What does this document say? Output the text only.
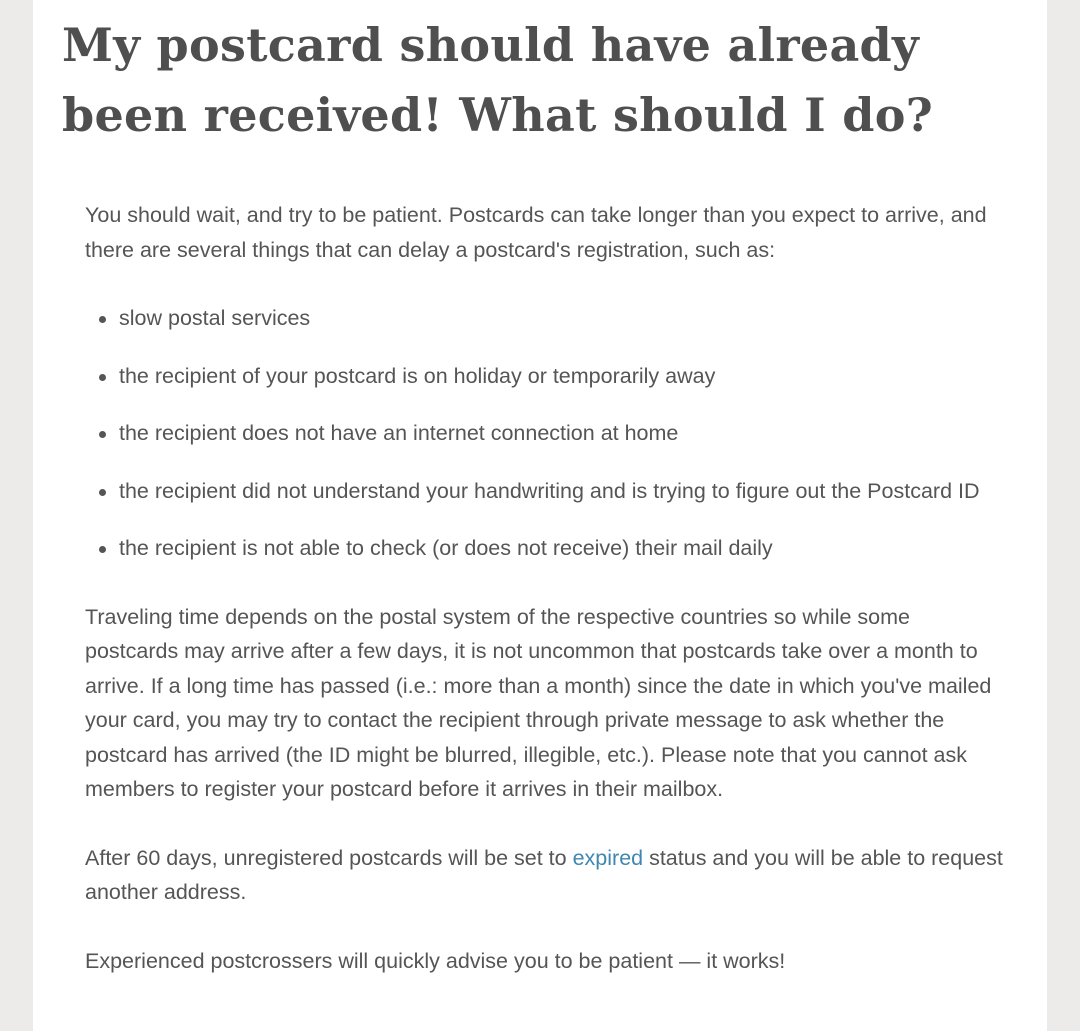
My postcard should have already been received! What should I do?

You should wait, and try to be patient. Postcards can take longer than you expect to arrive, and there are several things that can delay a postcard's registration, such as:

slow postal services
the recipient of your postcard is on holiday or temporarily away
the recipient does not have an internet connection at home
the recipient did not understand your handwriting and is trying to figure out the Postcard ID
the recipient is not able to check (or does not receive) their mail daily

Traveling time depends on the postal system of the respective countries so while some postcards may arrive after a few days, it is not uncommon that postcards take over a month to arrive. If a long time has passed (i.e.: more than a month) since the date in which you've mailed your card, you may try to contact the recipient through private message to ask whether the postcard has arrived (the ID might be blurred, illegible, etc.). Please note that you cannot ask members to register your postcard before it arrives in their mailbox.

After 60 days, unregistered postcards will be set to expired status and you will be able to request another address.

Experienced postcrossers will quickly advise you to be patient — it works!
